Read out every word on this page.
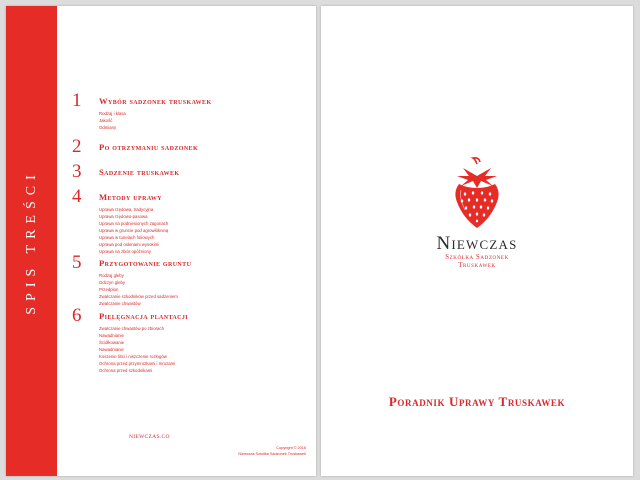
SPIS TREŚCI
1 Wybór sadzonek truskawek
Rodzaj i klasa
Jakość
Odmiany
2 Po otrzymaniu sadzonek
3 Sadzenie truskawek
4 Metody uprawy
Uprawa rzędowa, tradycyjna
Uprawa rzędowo-pasowa
Uprawa na podniesionych zagonach
Uprawa w gruncie pod agrowłókniną
Uprawa w tunelach foliowych
Uprawa pod osłonami wysokimi
Uprawa na zbiór opóźniony
5 Przygotowanie gruntu
Rodzaj gleby
Odczyn gleby
Przedplon
Zwalczanie szkodników przed sadzeniem
Zwalczanie chwastów
6 Pielęgnacja plantacji
Zwalczanie chwastów po zbiorach
Nawadnianie
Ściółkowanie
Nawadnianie
Koszenie liści i niszczenie rozłogów
Ochrona przed przymrozkami i mrozami
Ochrona przed szkodnikami
NIEWCZAS.CO
Copyright © 2016
Niewczas Szkółka Sadzonek Truskawek
Niewczas
Szkółka Sadzonek
Truskawek
Poradnik Uprawy Truskawek
